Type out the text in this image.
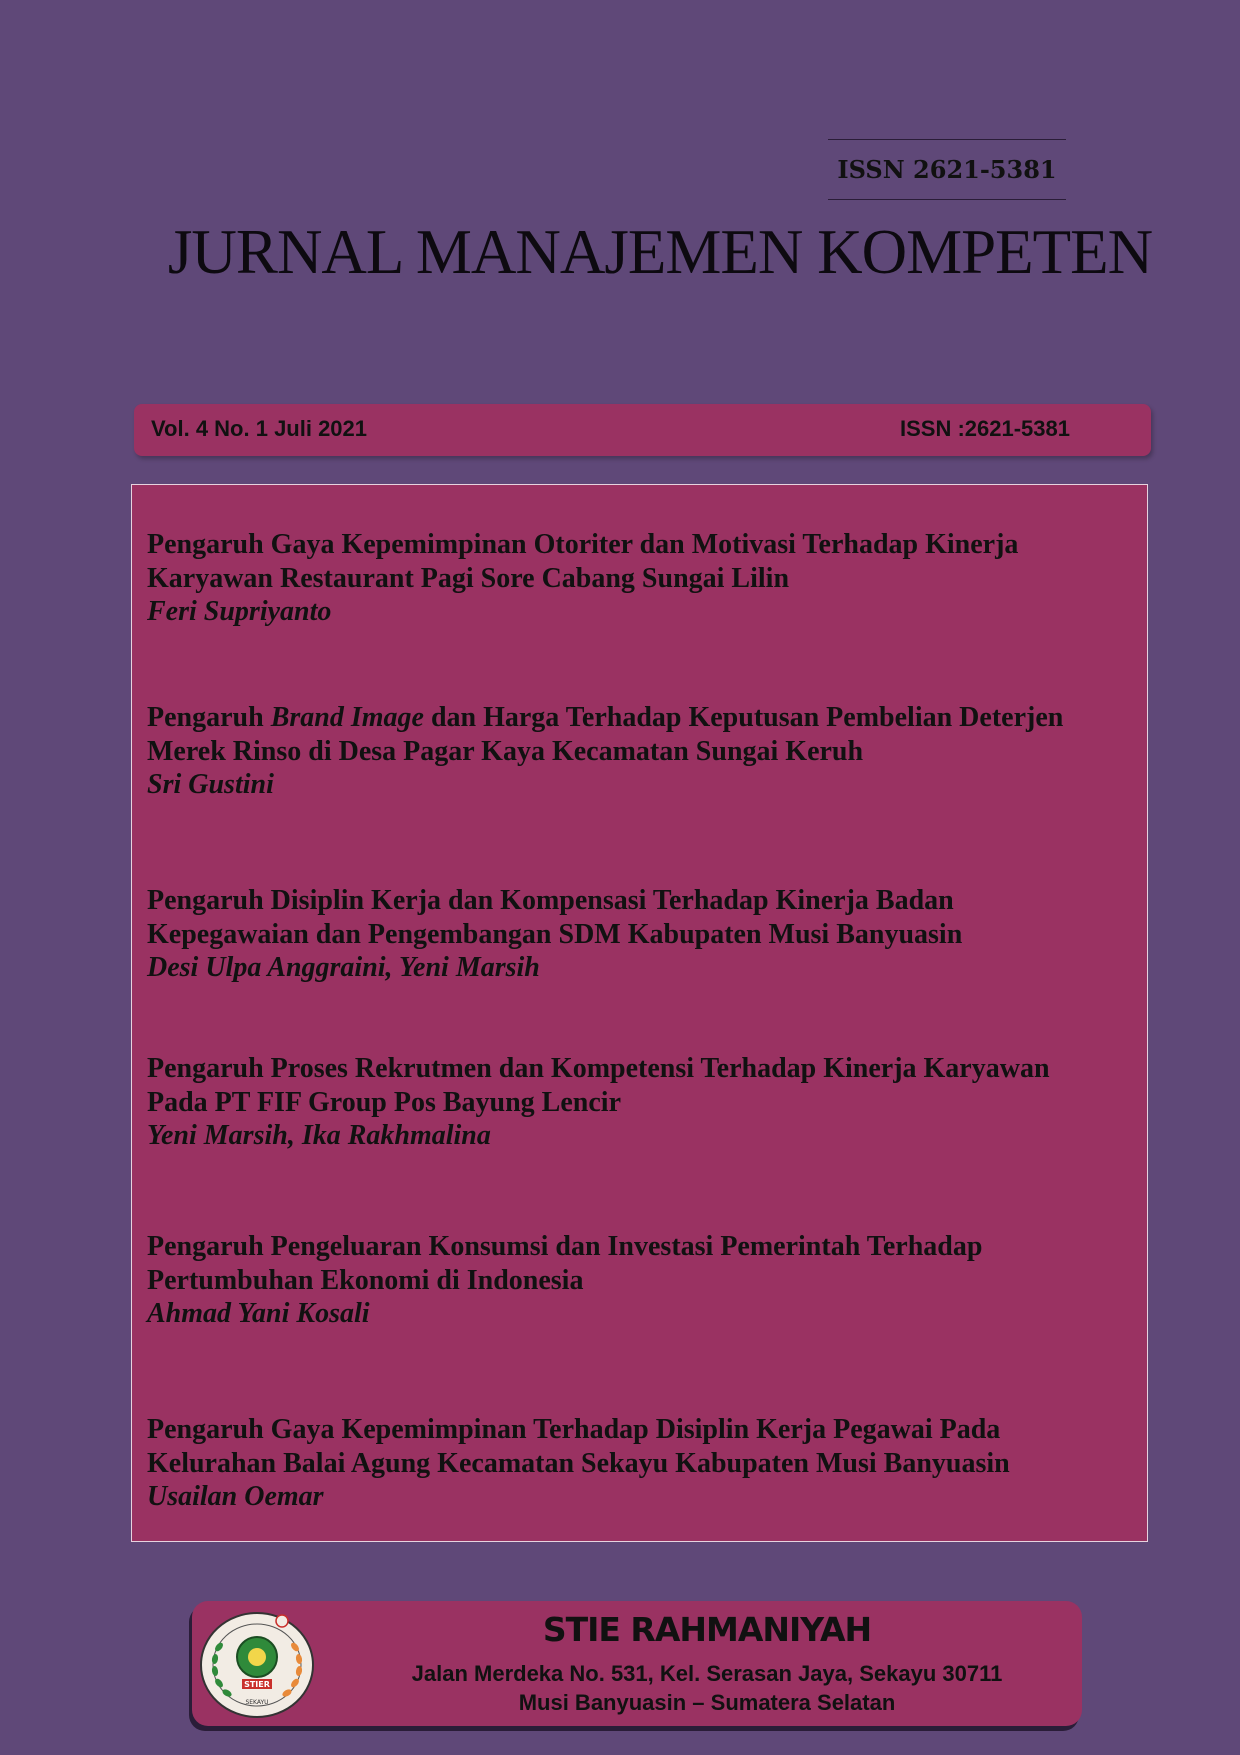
ISSN 2621-5381
JURNAL MANAJEMEN KOMPETEN
Vol. 4 No. 1 Juli 2021	ISSN :2621-5381
Pengaruh Gaya Kepemimpinan Otoriter dan Motivasi Terhadap Kinerja
Karyawan Restaurant Pagi Sore Cabang Sungai Lilin
Feri Supriyanto
Pengaruh Brand Image dan Harga Terhadap Keputusan Pembelian Deterjen
Merek Rinso di Desa Pagar Kaya Kecamatan Sungai Keruh
Sri Gustini
Pengaruh Disiplin Kerja dan Kompensasi Terhadap Kinerja Badan
Kepegawaian dan Pengembangan SDM Kabupaten Musi Banyuasin
Desi Ulpa Anggraini, Yeni Marsih
Pengaruh Proses Rekrutmen dan Kompetensi Terhadap Kinerja Karyawan
Pada PT FIF Group Pos Bayung Lencir
Yeni Marsih, Ika Rakhmalina
Pengaruh Pengeluaran Konsumsi dan Investasi Pemerintah Terhadap
Pertumbuhan Ekonomi di Indonesia
Ahmad Yani Kosali
Pengaruh Gaya Kepemimpinan Terhadap Disiplin Kerja Pegawai Pada
Kelurahan Balai Agung Kecamatan Sekayu Kabupaten Musi Banyuasin
Usailan Oemar
STIER
SEKAYU
STIE RAHMANIYAH
Jalan Merdeka No. 531, Kel. Serasan Jaya, Sekayu 30711
Musi Banyuasin – Sumatera Selatan
